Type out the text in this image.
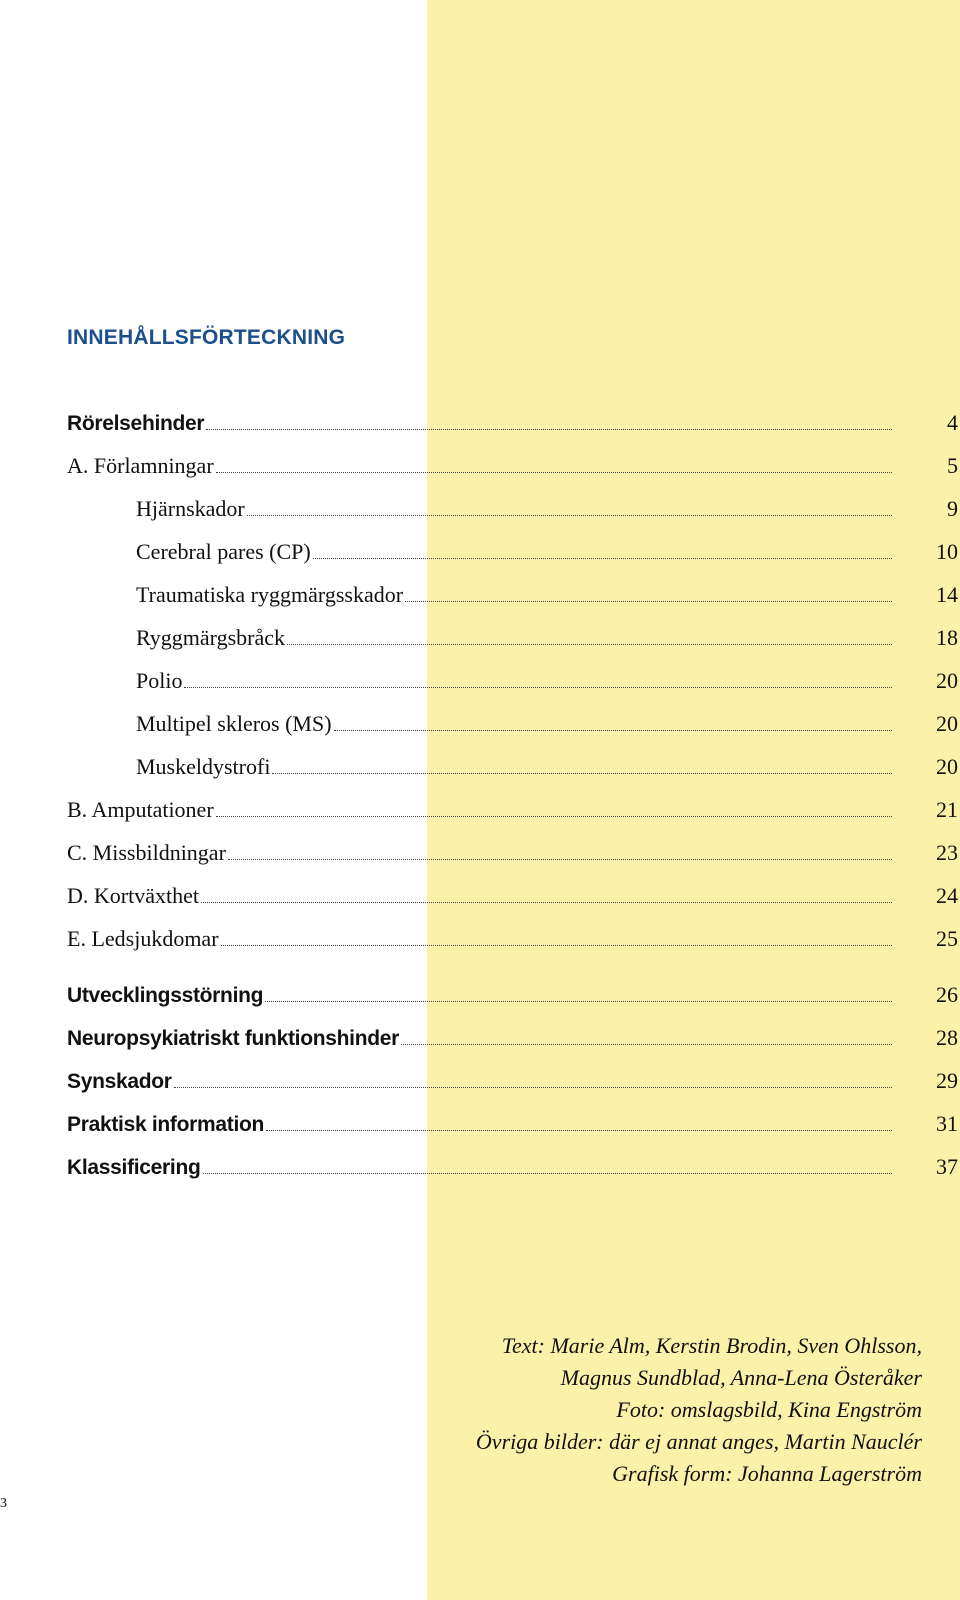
INNEHÅLLSFÖRTECKNING
Rörelsehinder	4
A. Förlamningar	5
Hjärnskador	9
Cerebral pares (CP)	10
Traumatiska ryggmärgsskador	14
Ryggmärgsbråck	18
Polio	20
Multipel skleros (MS)	20
Muskeldystrofi	20
B. Amputationer	21
C. Missbildningar	23
D. Kortväxthet	24
E. Ledsjukdomar	25
Utvecklingsstörning	26
Neuropsykiatriskt funktionshinder	28
Synskador	29
Praktisk information	31
Klassificering	37
Text: Marie Alm, Kerstin Brodin, Sven Ohlsson,
Magnus Sundblad, Anna-Lena Österåker
Foto: omslagsbild, Kina Engström
Övriga bilder: där ej annat anges, Martin Nauclér
Grafisk form: Johanna Lagerström
3
